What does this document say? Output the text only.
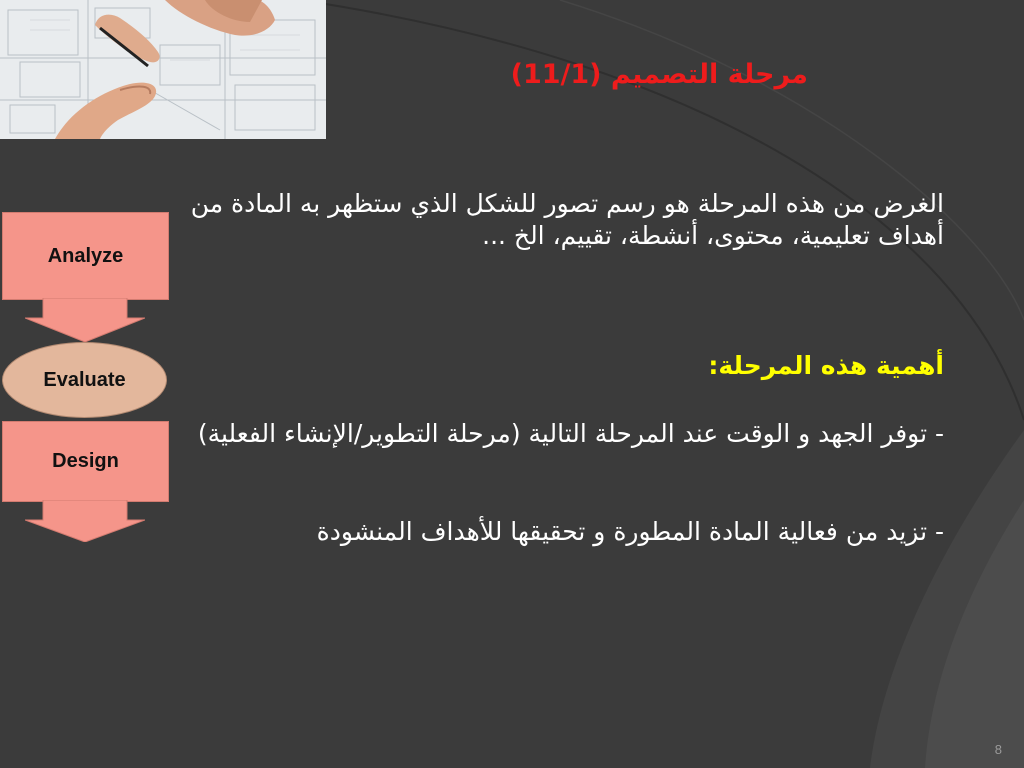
مرحلة التصميم (11/1)
الغرض من هذه المرحلة هو رسم تصور للشكل الذي ستظهر به المادة من أهداف تعليمية، محتوى، أنشطة، تقييم، الخ ...
أهمية هذه المرحلة:
- توفر الجهد و الوقت عند المرحلة التالية (مرحلة التطوير/الإنشاء الفعلية)
- تزيد من فعالية المادة المطورة و تحقيقها للأهداف المنشودة
Analyze
Evaluate
Design
8
